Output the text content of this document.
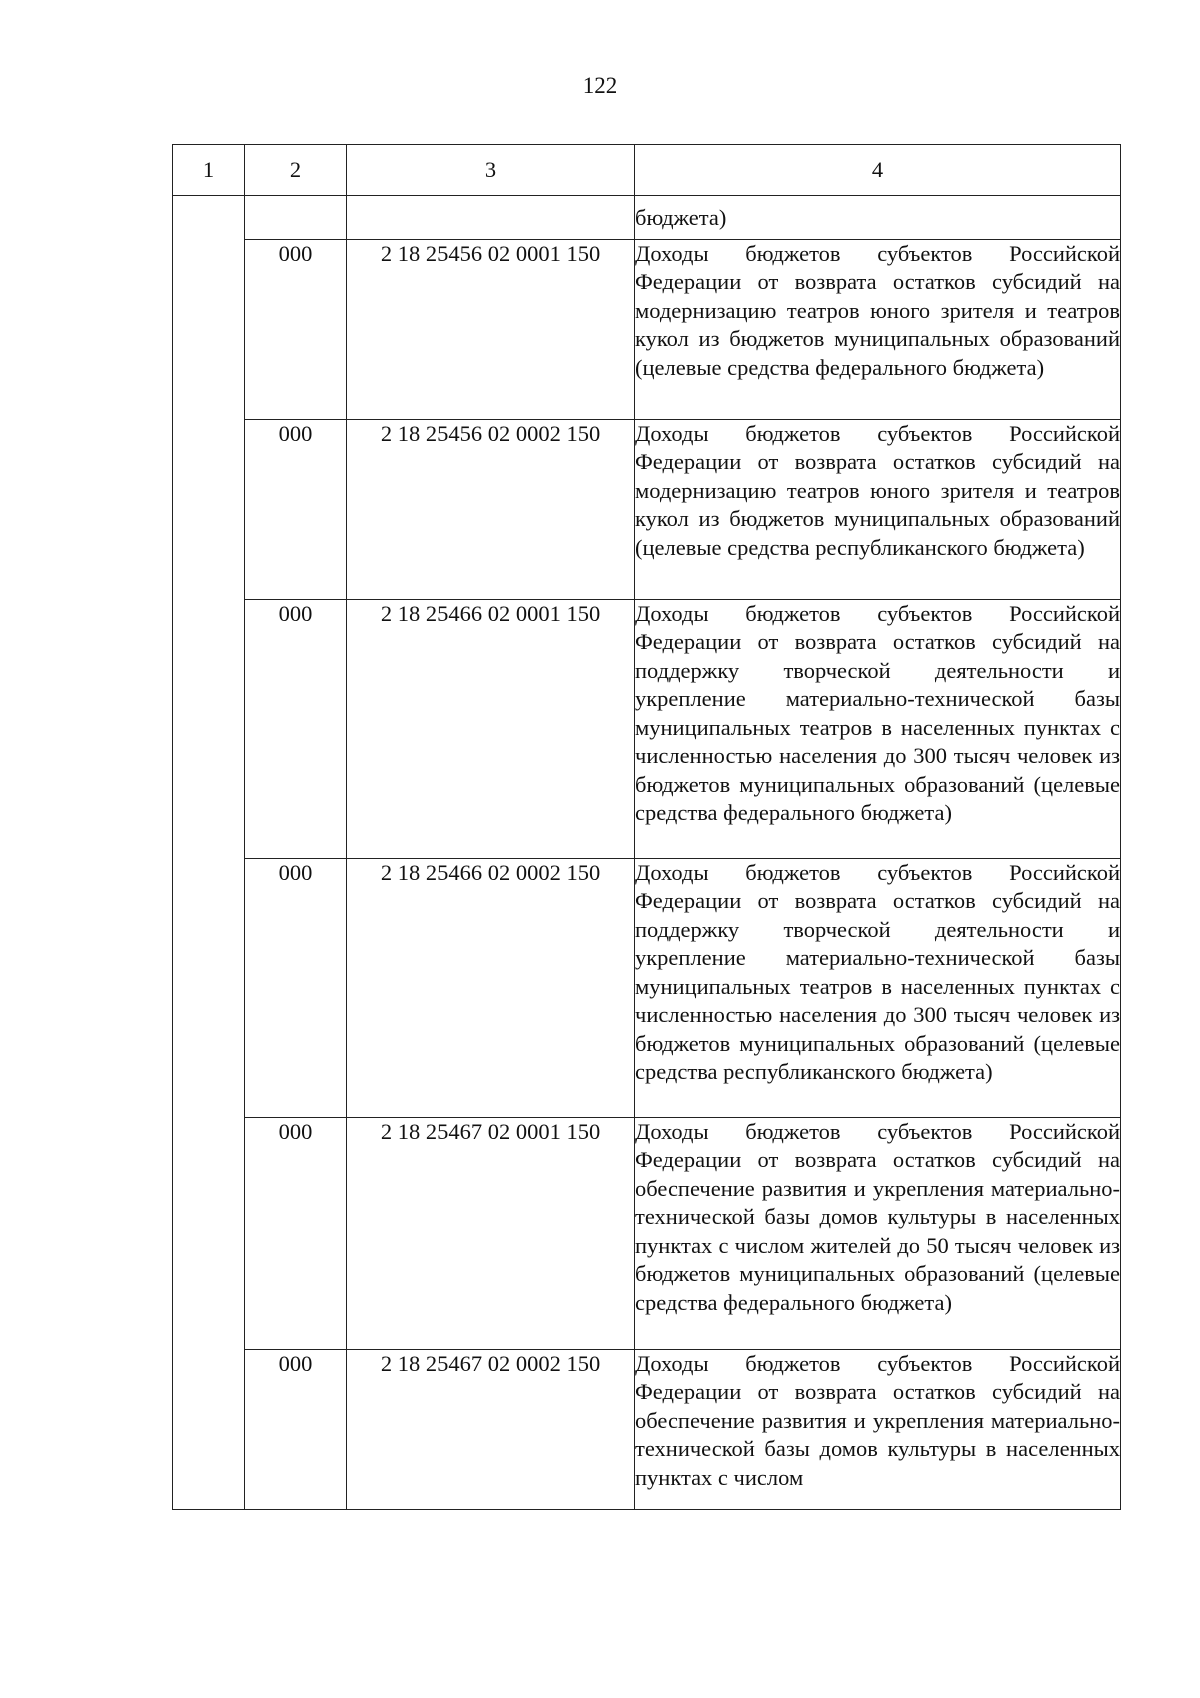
122
1	2	3	4
			бюджета)
	000	2 18 25456 02 0001 150	Доходы бюджетов субъектов Российской Федерации от возврата остатков субсидий на модернизацию театров юного зрителя и театров кукол из бюджетов муниципальных образований (целевые средства федерального бюджета)
	000	2 18 25456 02 0002 150	Доходы бюджетов субъектов Российской Федерации от возврата остатков субсидий на модернизацию театров юного зрителя и театров кукол из бюджетов муниципальных образований (целевые средства республиканского бюджета)
	000	2 18 25466 02 0001 150	Доходы бюджетов субъектов Российской Федерации от возврата остатков субсидий на поддержку творческой деятельности и укрепление материально-технической базы муниципальных театров в населенных пунктах с численностью населения до 300 тысяч человек из бюджетов муниципальных образований (целевые средства федерального бюджета)
	000	2 18 25466 02 0002 150	Доходы бюджетов субъектов Российской Федерации от возврата остатков субсидий на поддержку творческой деятельности и укрепление материально-технической базы муниципальных театров в населенных пунктах с численностью населения до 300 тысяч человек из бюджетов муниципальных образований (целевые средства республиканского бюджета)
	000	2 18 25467 02 0001 150	Доходы бюджетов субъектов Российской Федерации от возврата остатков субсидий на обеспечение развития и укрепления материально-технической базы домов культуры в населенных пунктах с числом жителей до 50 тысяч человек из бюджетов муниципальных образований (целевые средства федерального бюджета)
	000	2 18 25467 02 0002 150	Доходы бюджетов субъектов Российской Федерации от возврата остатков субсидий на обеспечение развития и укрепления материально-технической базы домов культуры в населенных пунктах с числом
